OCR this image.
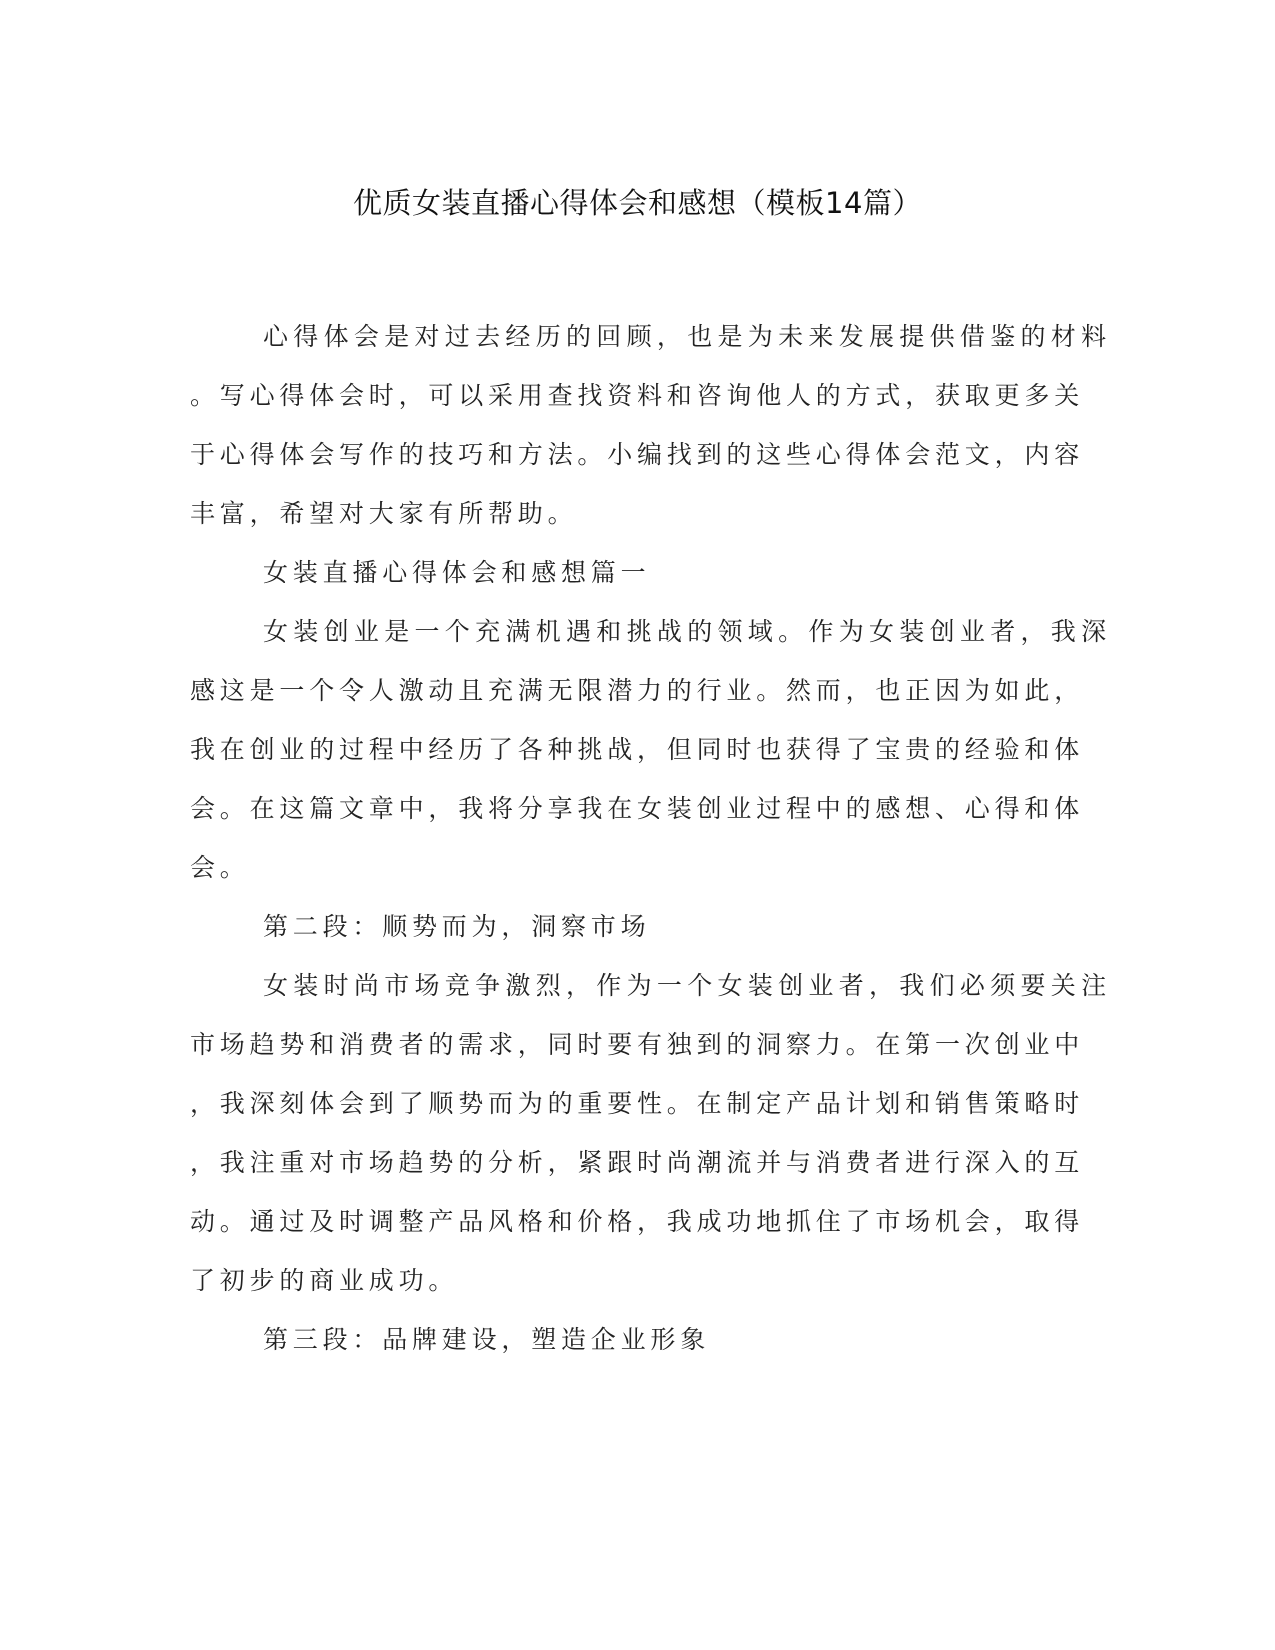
优质女装直播心得体会和感想（模板14篇）
心得体会是对过去经历的回顾，也是为未来发展提供借鉴的材料
。写心得体会时，可以采用查找资料和咨询他人的方式，获取更多关
于心得体会写作的技巧和方法。小编找到的这些心得体会范文，内容
丰富，希望对大家有所帮助。
女装直播心得体会和感想篇一
女装创业是一个充满机遇和挑战的领域。作为女装创业者，我深
感这是一个令人激动且充满无限潜力的行业。然而，也正因为如此，
我在创业的过程中经历了各种挑战，但同时也获得了宝贵的经验和体
会。在这篇文章中，我将分享我在女装创业过程中的感想、心得和体
会。
第二段：顺势而为，洞察市场
女装时尚市场竞争激烈，作为一个女装创业者，我们必须要关注
市场趋势和消费者的需求，同时要有独到的洞察力。在第一次创业中
，我深刻体会到了顺势而为的重要性。在制定产品计划和销售策略时
，我注重对市场趋势的分析，紧跟时尚潮流并与消费者进行深入的互
动。通过及时调整产品风格和价格，我成功地抓住了市场机会，取得
了初步的商业成功。
第三段：品牌建设，塑造企业形象
